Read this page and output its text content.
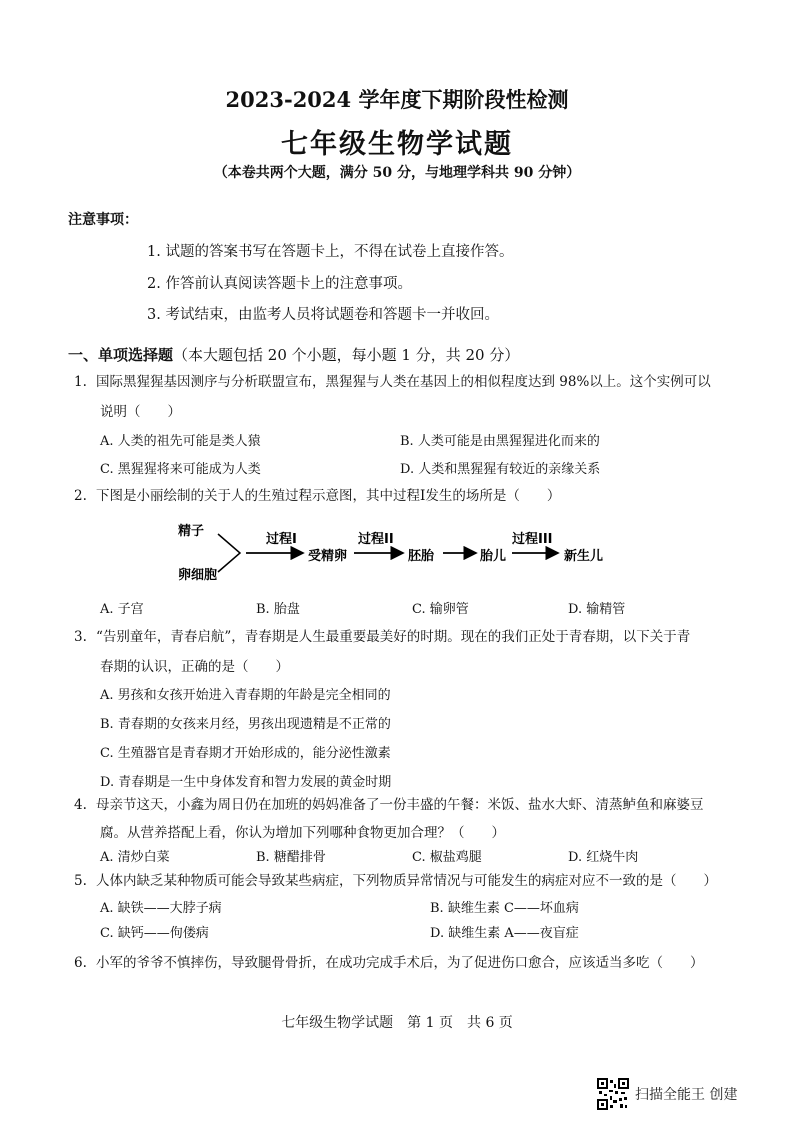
2023-2024 学年度下期阶段性检测
七年级生物学试题
（本卷共两个大题，满分 50 分，与地理学科共 90 分钟）
注意事项：
1. 试题的答案书写在答题卡上，不得在试卷上直接作答。
2. 作答前认真阅读答题卡上的注意事项。
3. 考试结束，由监考人员将试题卷和答题卡一并收回。
一、单项选择题（本大题包括 20 个小题，每小题 1 分，共 20 分）
1. 国际黑猩猩基因测序与分析联盟宣布，黑猩猩与人类在基因上的相似程度达到 98%以上。这个实例可以
说明（　　）
A. 人类的祖先可能是类人猿	B. 人类可能是由黑猩猩进化而来的
C. 黑猩猩将来可能成为人类	D. 人类和黑猩猩有较近的亲缘关系
2. 下图是小丽绘制的关于人的生殖过程示意图，其中过程Ⅰ发生的场所是（　　）
精子
卵细胞
过程I
受精卵
过程II
胚胎	胎儿
过程III
新生儿
A. 子宫	B. 胎盘	C. 输卵管	D. 输精管
3. “告别童年，青春启航”，青春期是人生最重要最美好的时期。现在的我们正处于青春期，以下关于青
春期的认识，正确的是（　　）
A. 男孩和女孩开始进入青春期的年龄是完全相同的
B. 青春期的女孩来月经，男孩出现遗精是不正常的
C. 生殖器官是青春期才开始形成的，能分泌性激素
D. 青春期是一生中身体发育和智力发展的黄金时期
4. 母亲节这天，小鑫为周日仍在加班的妈妈准备了一份丰盛的午餐：米饭、盐水大虾、清蒸鲈鱼和麻婆豆
腐。从营养搭配上看，你认为增加下列哪种食物更加合理？（　　）
A. 清炒白菜	B. 糖醋排骨	C. 椒盐鸡腿	D. 红烧牛肉
5. 人体内缺乏某种物质可能会导致某些病症，下列物质异常情况与可能发生的病症对应不一致的是（　　）
A. 缺铁——大脖子病	B. 缺维生素 C——坏血病
C. 缺钙——佝偻病	D. 缺维生素 A——夜盲症
6. 小军的爷爷不慎摔伤，导致腿骨骨折，在成功完成手术后，为了促进伤口愈合，应该适当多吃（　　）
七年级生物学试题　第 1 页　共 6 页
扫描全能王 创建
